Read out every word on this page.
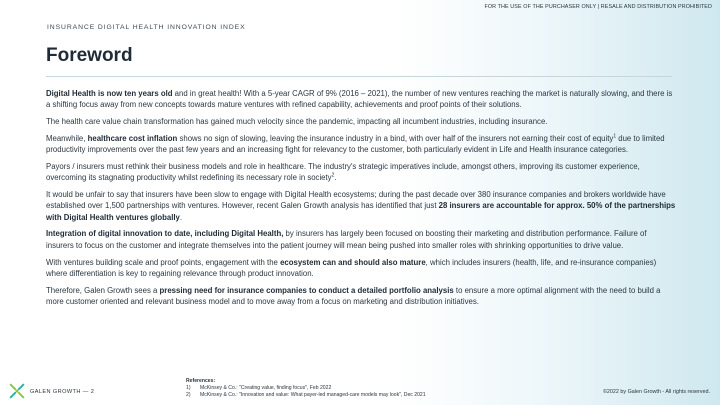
FOR THE USE OF THE PURCHASER ONLY | RESALE AND DISTRIBUTION PROHIBITED
INSURANCE DIGITAL HEALTH INNOVATION INDEX
Foreword

Digital Health is now ten years old and in great health! With a 5-year CAGR of 9% (2016 – 2021), the number of new ventures reaching the market is naturally slowing, and there is a shifting focus away from new concepts towards mature ventures with refined capability, achievements and proof points of their solutions.

The health care value chain transformation has gained much velocity since the pandemic, impacting all incumbent industries, including insurance.

Meanwhile, healthcare cost inflation shows no sign of slowing, leaving the insurance industry in a bind, with over half of the insurers not earning their cost of equity$^1$ due to limited productivity improvements over the past few years and an increasing fight for relevancy to the customer, both particularly evident in Life and Health insurance categories.

Payors / insurers must rethink their business models and role in healthcare. The industry's strategic imperatives include, amongst others, improving its customer experience, overcoming its stagnating productivity whilst redefining its necessary role in society$^2$.

It would be unfair to say that insurers have been slow to engage with Digital Health ecosystems; during the past decade over 380 insurance companies and brokers worldwide have established over 1,500 partnerships with ventures. However, recent Galen Growth analysis has identified that just 28 insurers are accountable for approx. 50% of the partnerships with Digital Health ventures globally.

Integration of digital innovation to date, including Digital Health, by insurers has largely been focused on boosting their marketing and distribution performance. Failure of insurers to focus on the customer and integrate themselves into the patient journey will mean being pushed into smaller roles with shrinking opportunities to drive value.

With ventures building scale and proof points, engagement with the ecosystem can and should also mature, which includes insurers (health, life, and re-insurance companies) where differentiation is key to regaining relevance through product innovation.

Therefore, Galen Growth sees a pressing need for insurance companies to conduct a detailed portfolio analysis to ensure a more optimal alignment with the need to build a more customer oriented and relevant business model and to move away from a focus on marketing and distribution initiatives.

GALEN GROWTH — 2
References:
1) McKinsey & Co.: "Creating value, finding focus", Feb 2022
2) McKinsey & Co.: "Innovation and value: What payer-led managed-care models may look", Dec 2021	©2022 by Galen Growth - All rights reserved.
